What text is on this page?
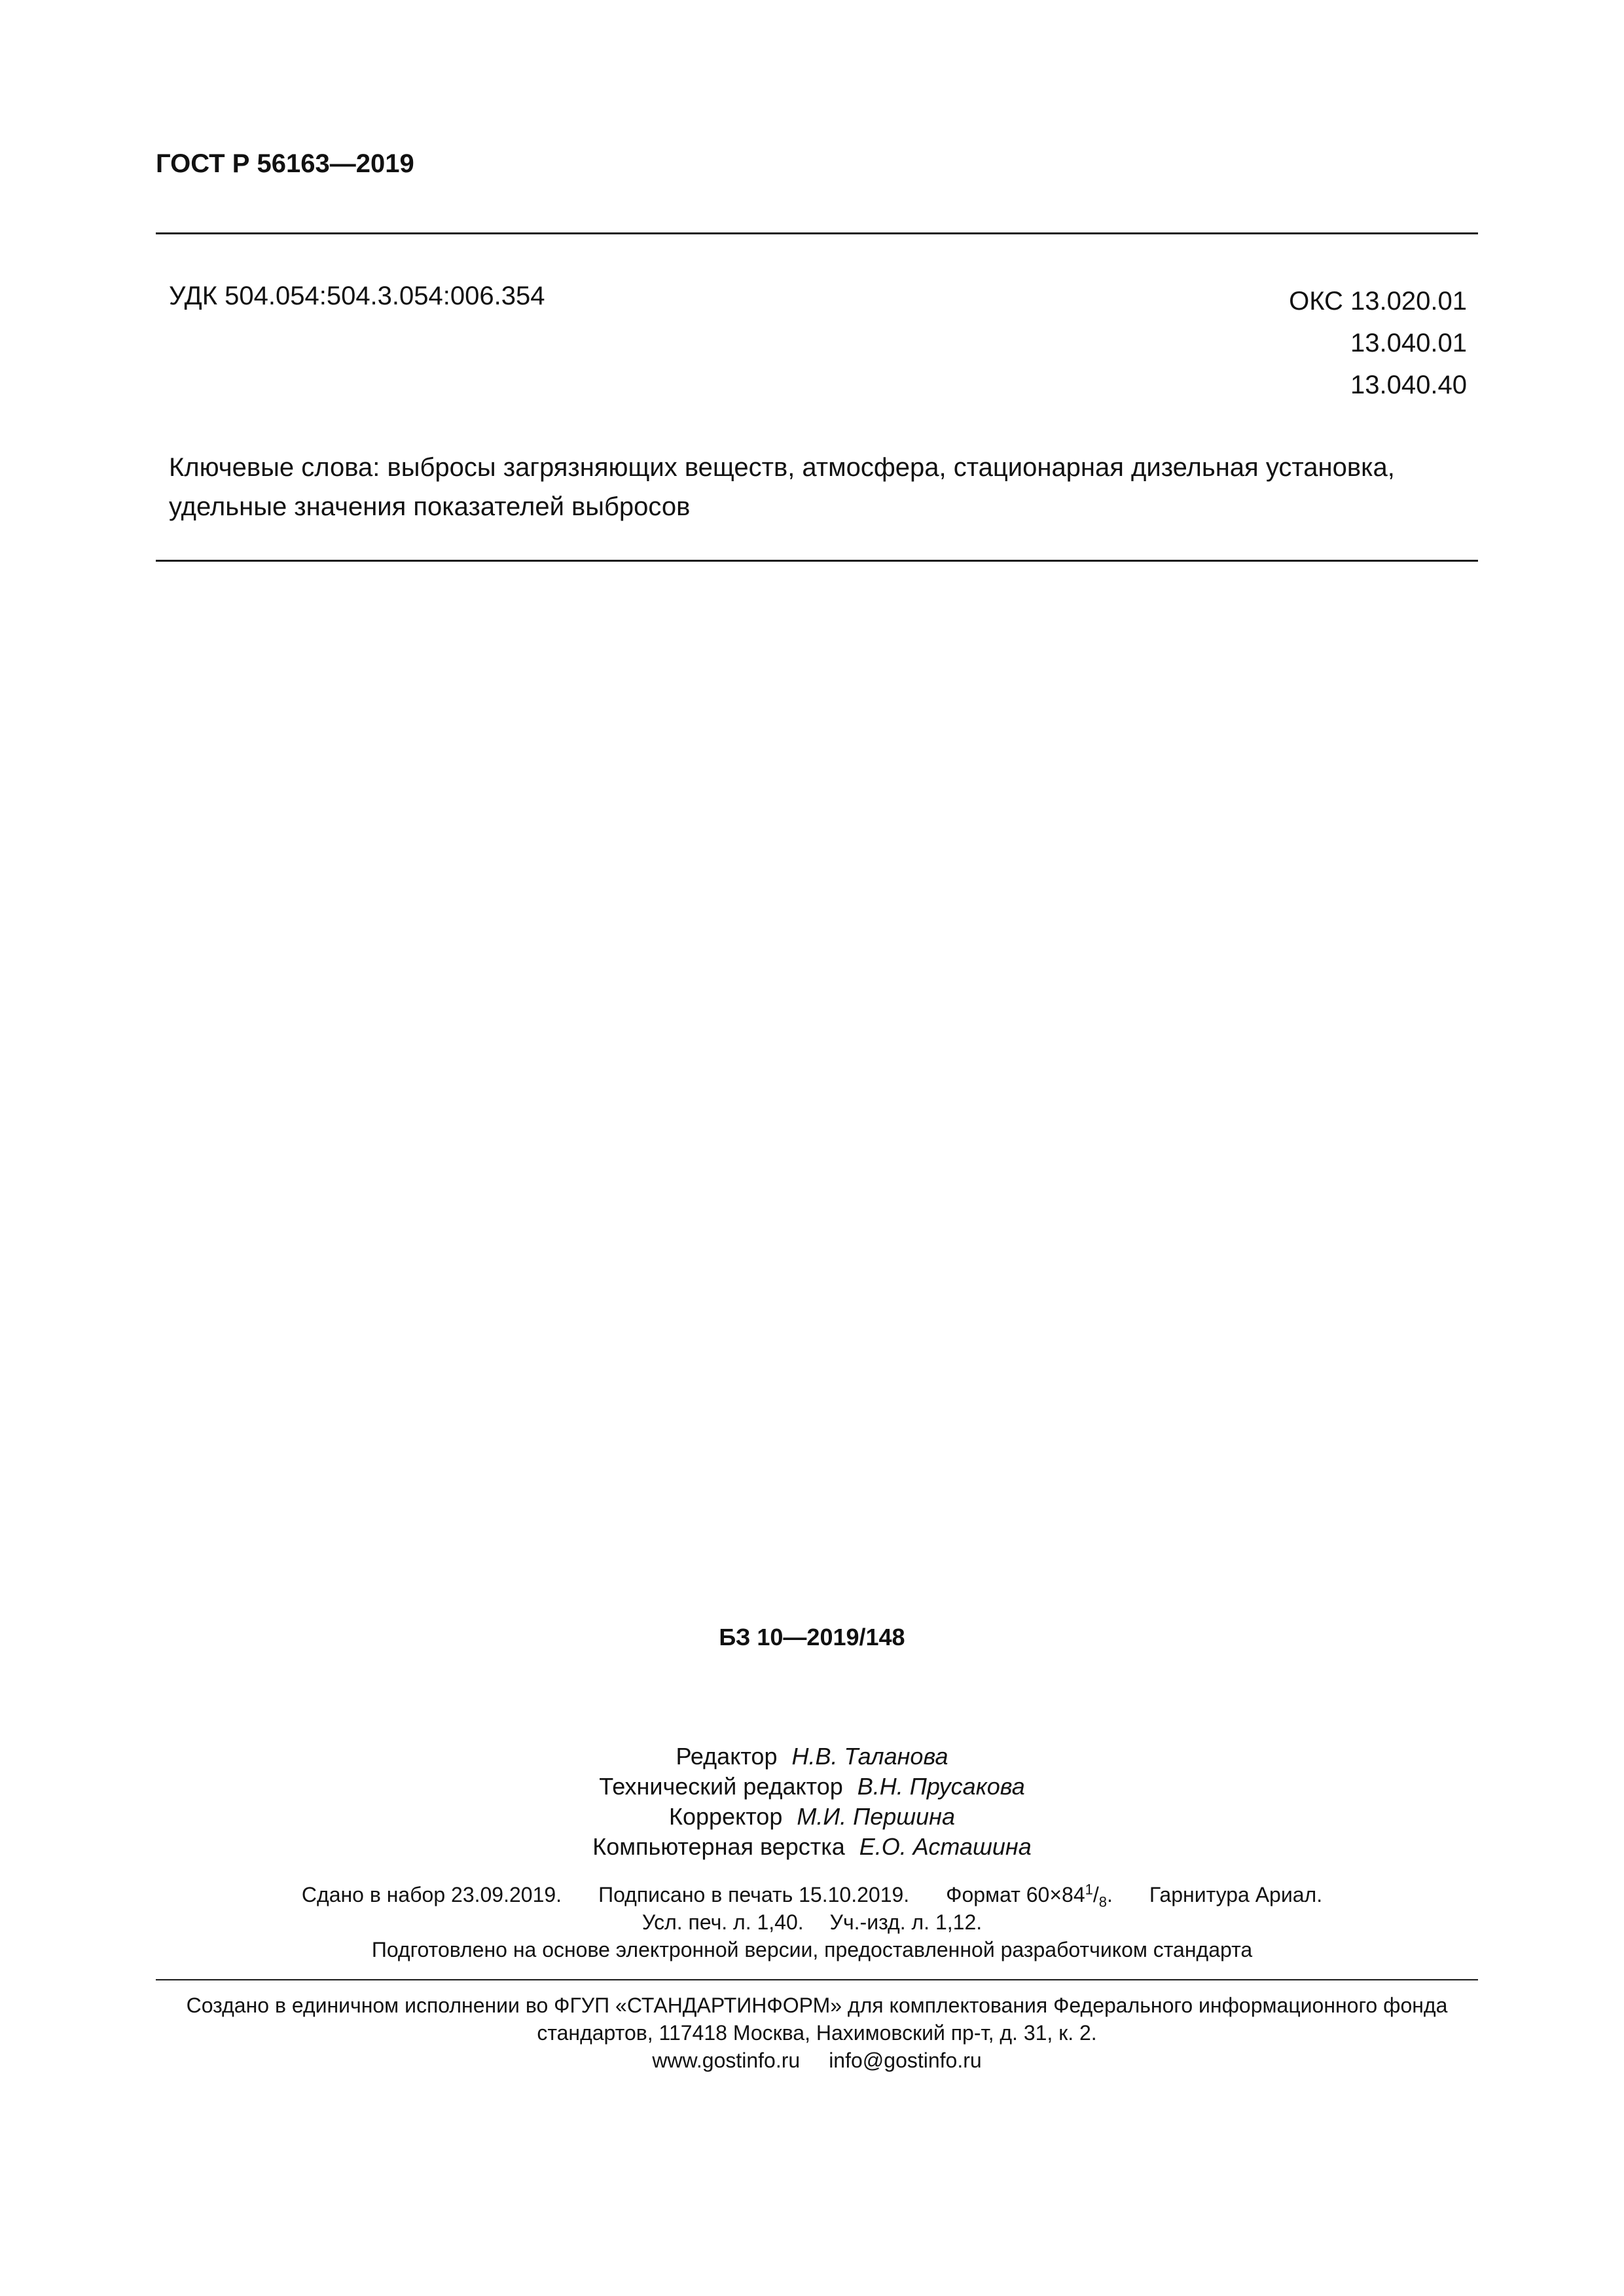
ГОСТ Р 56163—2019
УДК 504.054:504.3.054:006.354	ОКС 13.020.01
13.040.01
13.040.40
Ключевые слова: выбросы загрязняющих веществ, атмосфера, стационарная дизельная установка, удельные значения показателей выбросов
БЗ 10—2019/148
Редактор Н.В. Таланова
Технический редактор В.Н. Прусакова
Корректор М.И. Першина
Компьютерная верстка Е.О. Асташина
Сдано в набор 23.09.2019. Подписано в печать 15.10.2019. Формат $60\times 84^1/_8$. Гарнитура Ариал.
Усл. печ. л. 1,40. Уч.-изд. л. 1,12.
Подготовлено на основе электронной версии, предоставленной разработчиком стандарта
Создано в единичном исполнении во ФГУП «СТАНДАРТИНФОРМ» для комплектования Федерального информационного фонда
стандартов, 117418 Москва, Нахимовский пр-т, д. 31, к. 2.
www.gostinfo.ru info@gostinfo.ru
